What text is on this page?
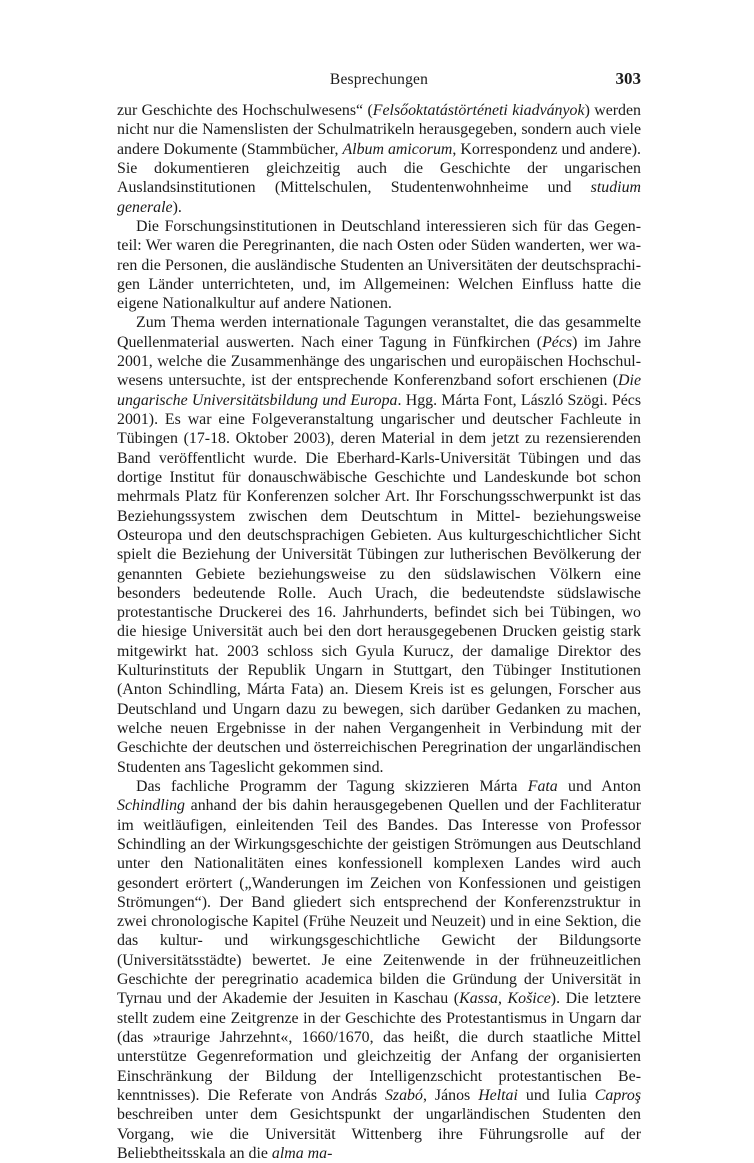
Besprechungen	303

zur Geschichte des Hochschulwesens“ (Felsőoktatástörténeti kiadványok) werden nicht nur die Namenslisten der Schulmatrikeln herausgegeben, sondern auch viele andere Dokumente (Stammbücher, Album amicorum, Korrespondenz und andere). Sie dokumentieren gleichzeitig auch die Geschichte der ungarischen Auslandsinstitutionen (Mittelschulen, Studentenwohnheime und studium generale).

Die Forschungsinstitutionen in Deutschland interessieren sich für das Gegenteil: Wer waren die Peregrinanten, die nach Osten oder Süden wanderten, wer waren die Personen, die ausländische Studenten an Universitäten der deutschsprachigen Länder unterrichteten, und, im Allgemeinen: Welchen Einfluss hatte die eigene Nationalkultur auf andere Nationen.

Zum Thema werden internationale Tagungen veranstaltet, die das gesammelte Quellenmaterial auswerten. Nach einer Tagung in Fünfkirchen (Pécs) im Jahre 2001, welche die Zusammenhänge des ungarischen und europäischen Hochschulwesens untersuchte, ist der entsprechende Konferenzband sofort erschienen (Die ungarische Universitätsbildung und Europa. Hgg. Márta Font, László Szögi. Pécs 2001). Es war eine Folgeveranstaltung ungarischer und deutscher Fachleute in Tübingen (17-18. Oktober 2003), deren Material in dem jetzt zu rezensierenden Band veröffentlicht wurde. Die Eberhard-Karls-Universität Tübingen und das dortige Institut für donauschwäbische Geschichte und Landeskunde bot schon mehrmals Platz für Konferenzen solcher Art. Ihr Forschungsschwerpunkt ist das Beziehungssystem zwischen dem Deutschtum in Mittel- beziehungsweise Osteuropa und den deutschsprachigen Gebieten. Aus kulturgeschichtlicher Sicht spielt die Beziehung der Universität Tübingen zur lutherischen Bevölkerung der genannten Gebiete beziehungsweise zu den südslawischen Völkern eine besonders bedeutende Rolle. Auch Urach, die bedeutendste südslawische protestantische Druckerei des 16. Jahrhunderts, befindet sich bei Tübingen, wo die hiesige Universität auch bei den dort herausgegebenen Drucken geistig stark mitgewirkt hat. 2003 schloss sich Gyula Kurucz, der damalige Direktor des Kulturinstituts der Republik Ungarn in Stuttgart, den Tübinger Institutionen (Anton Schindling, Márta Fata) an. Diesem Kreis ist es gelungen, Forscher aus Deutschland und Ungarn dazu zu bewegen, sich darüber Gedanken zu machen, welche neuen Ergebnisse in der nahen Vergangenheit in Verbindung mit der Geschichte der deutschen und österreichischen Peregrination der ungarländischen Studenten ans Tageslicht gekommen sind.

Das fachliche Programm der Tagung skizzieren Márta Fata und Anton Schindling anhand der bis dahin herausgegebenen Quellen und der Fachliteratur im weitläufigen, einleitenden Teil des Bandes. Das Interesse von Professor Schindling an der Wirkungsgeschichte der geistigen Strömungen aus Deutschland unter den Nationalitäten eines konfessionell komplexen Landes wird auch gesondert erörtert („Wanderungen im Zeichen von Konfessionen und geistigen Strömungen“). Der Band gliedert sich entsprechend der Konferenzstruktur in zwei chronologische Kapitel (Frühe Neuzeit und Neuzeit) und in eine Sektion, die das kultur- und wirkungsgeschichtliche Gewicht der Bildungsorte (Universitätsstädte) bewertet. Je eine Zeitenwende in der frühneuzeitlichen Geschichte der peregrinatio academica bilden die Gründung der Universität in Tyrnau und der Akademie der Jesuiten in Kaschau (Kassa, Košice). Die letztere stellt zudem eine Zeitgrenze in der Geschichte des Protestantismus in Ungarn dar (das »traurige Jahrzehnt«, 1660/1670, das heißt, die durch staatliche Mittel unterstütze Gegenreformation und gleichzeitig der Anfang der organisierten Einschränkung der Bildung der Intelligenzschicht protestantischen Bekenntnisses). Die Referate von András Szabó, János Heltai und Iulia Caproş beschreiben unter dem Gesichtspunkt der ungarländischen Studenten den Vorgang, wie die Universität Wittenberg ihre Führungsrolle auf der Beliebtheitsskala an die alma ma-
